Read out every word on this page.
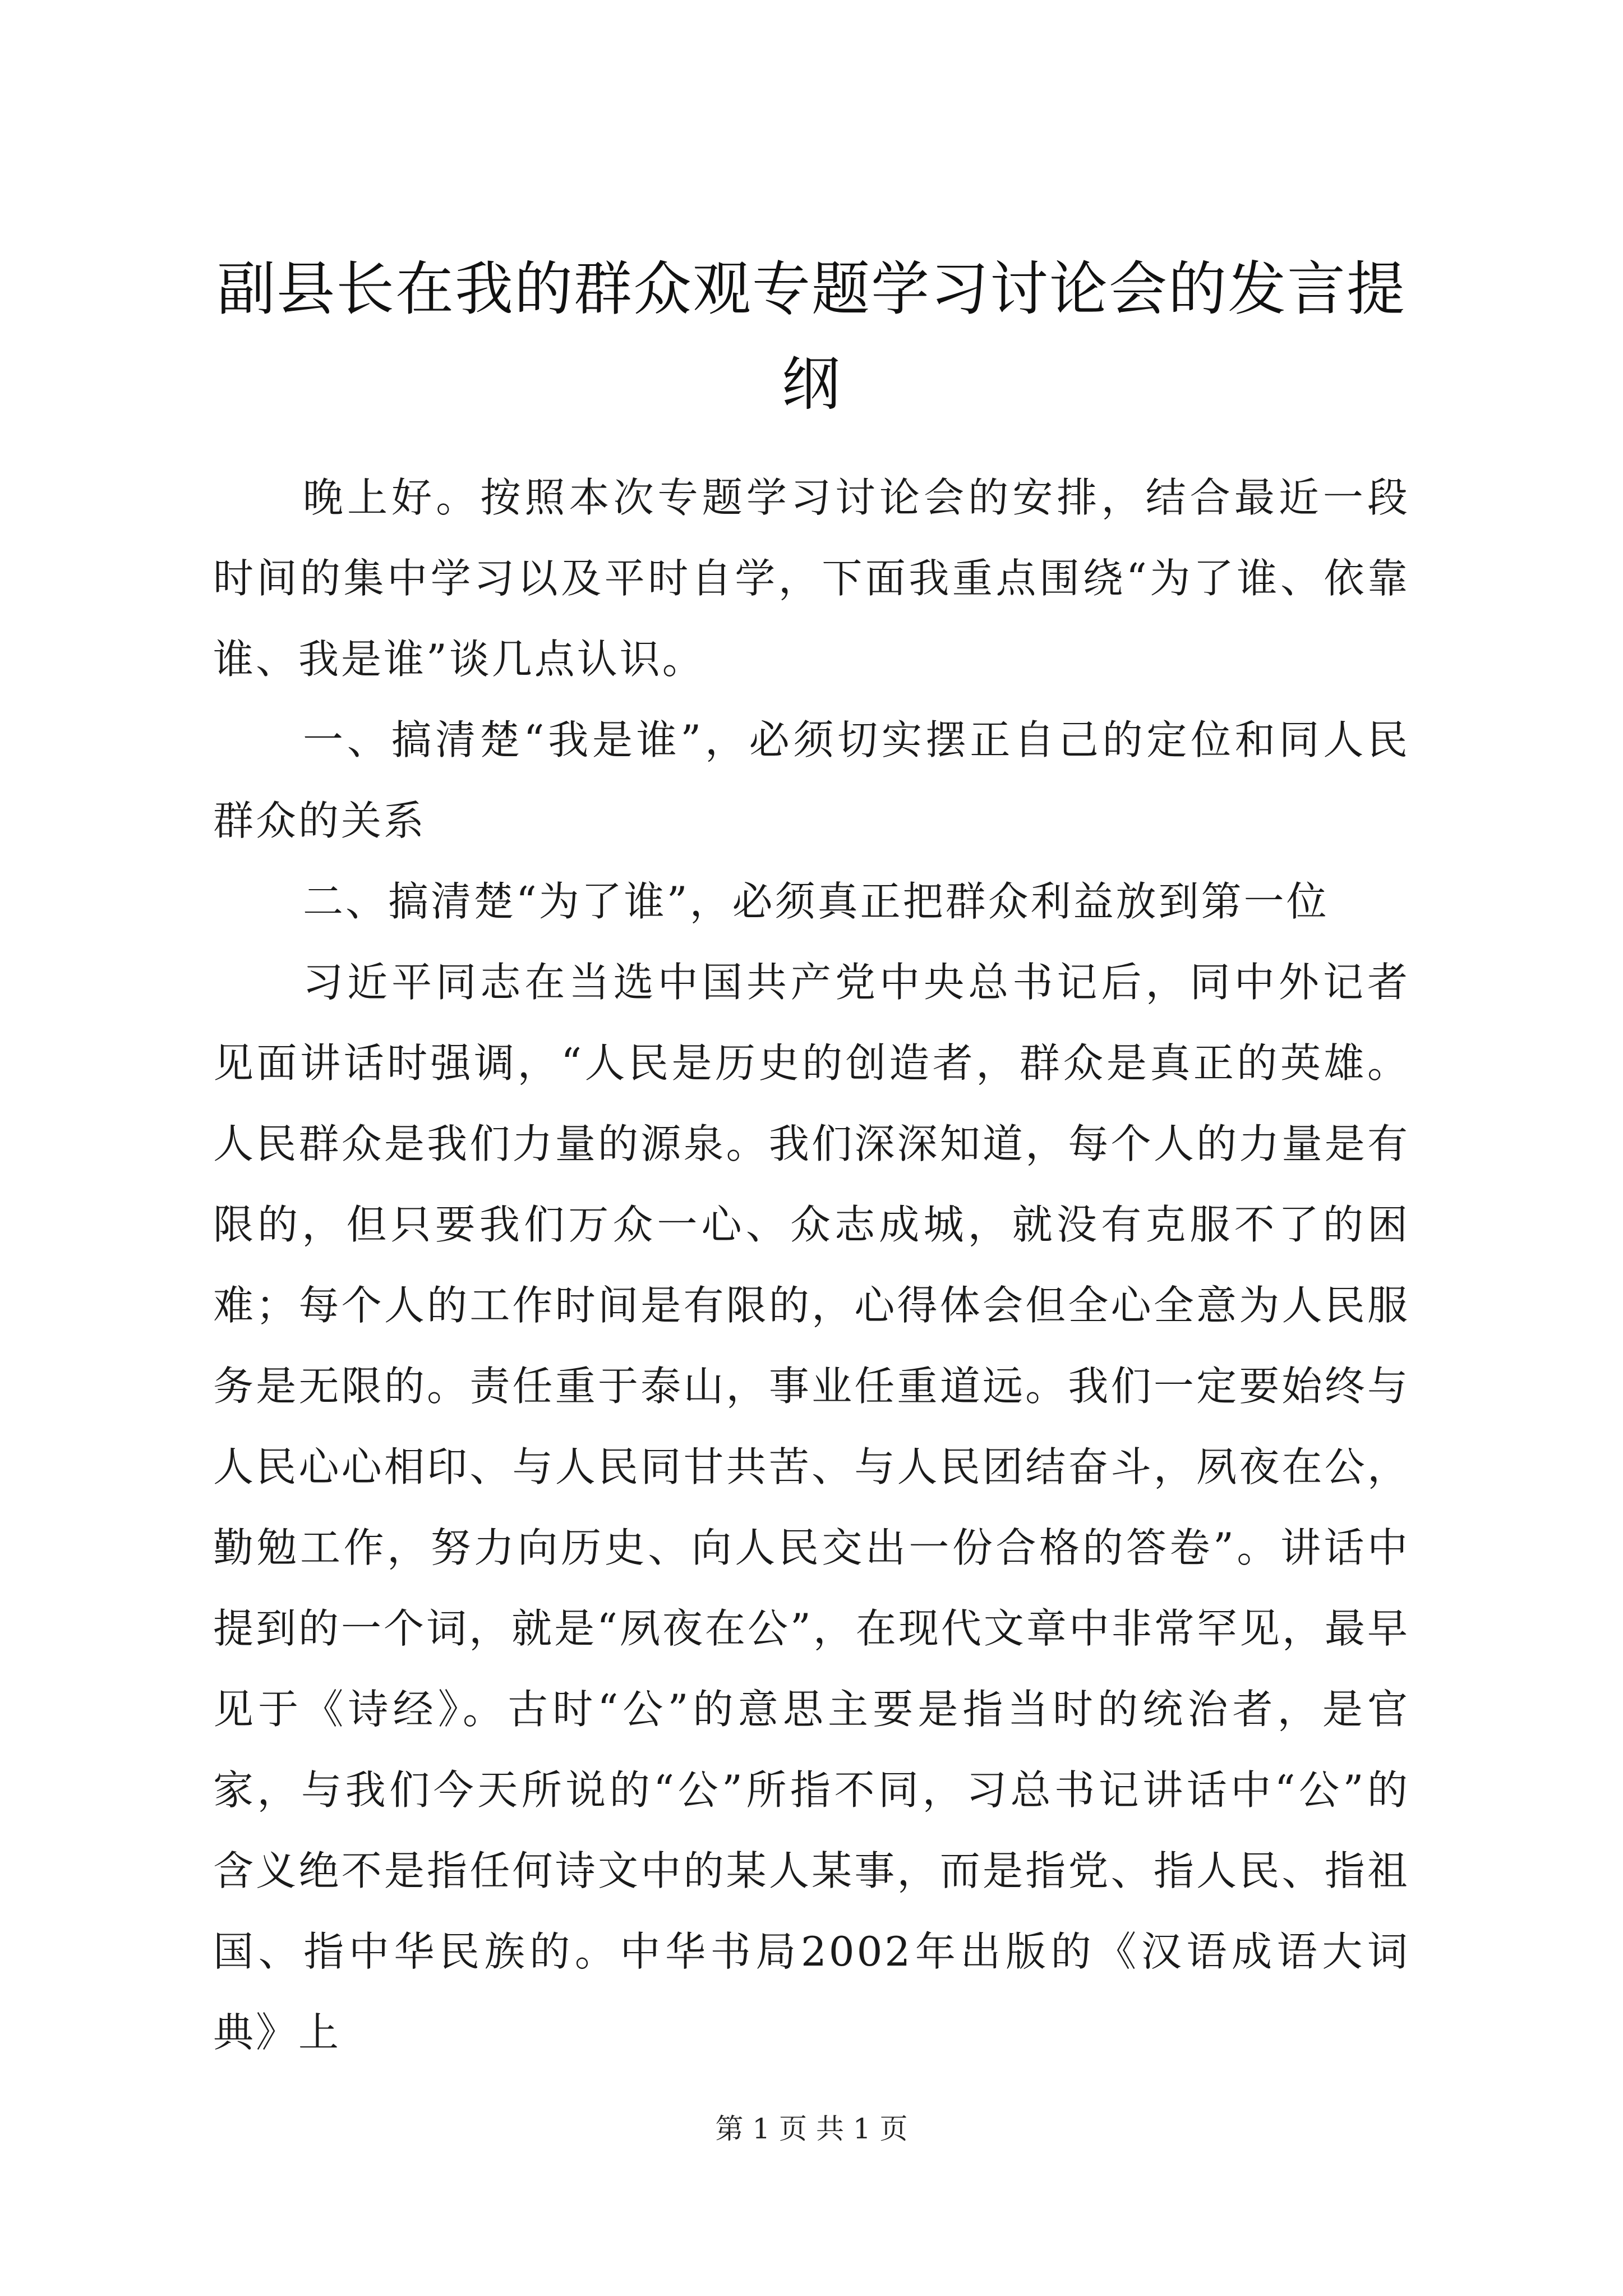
副县长在我的群众观专题学习讨论会的发言提纲

晚上好。按照本次专题学习讨论会的安排，结合最近一段时间的集中学习以及平时自学，下面我重点围绕“为了谁、依靠谁、我是谁”谈几点认识。

一、搞清楚“我是谁”，必须切实摆正自己的定位和同人民群众的关系

二、搞清楚“为了谁”，必须真正把群众利益放到第一位

习近平同志在当选中国共产党中央总书记后，同中外记者见面讲话时强调，“人民是历史的创造者，群众是真正的英雄。人民群众是我们力量的源泉。我们深深知道，每个人的力量是有限的，但只要我们万众一心、众志成城，就没有克服不了的困难；每个人的工作时间是有限的，心得体会但全心全意为人民服务是无限的。责任重于泰山，事业任重道远。我们一定要始终与人民心心相印、与人民同甘共苦、与人民团结奋斗，夙夜在公，勤勉工作，努力向历史、向人民交出一份合格的答卷”。讲话中提到的一个词，就是“夙夜在公”，在现代文章中非常罕见，最早见于《诗经》。古时“公”的意思主要是指当时的统治者，是官家，与我们今天所说的“公”所指不同，习总书记讲话中“公”的含义绝不是指任何诗文中的某人某事，而是指党、指人民、指祖国、指中华民族的。中华书局2002年出版的《汉语成语大词典》上

第 1 页 共 1 页
